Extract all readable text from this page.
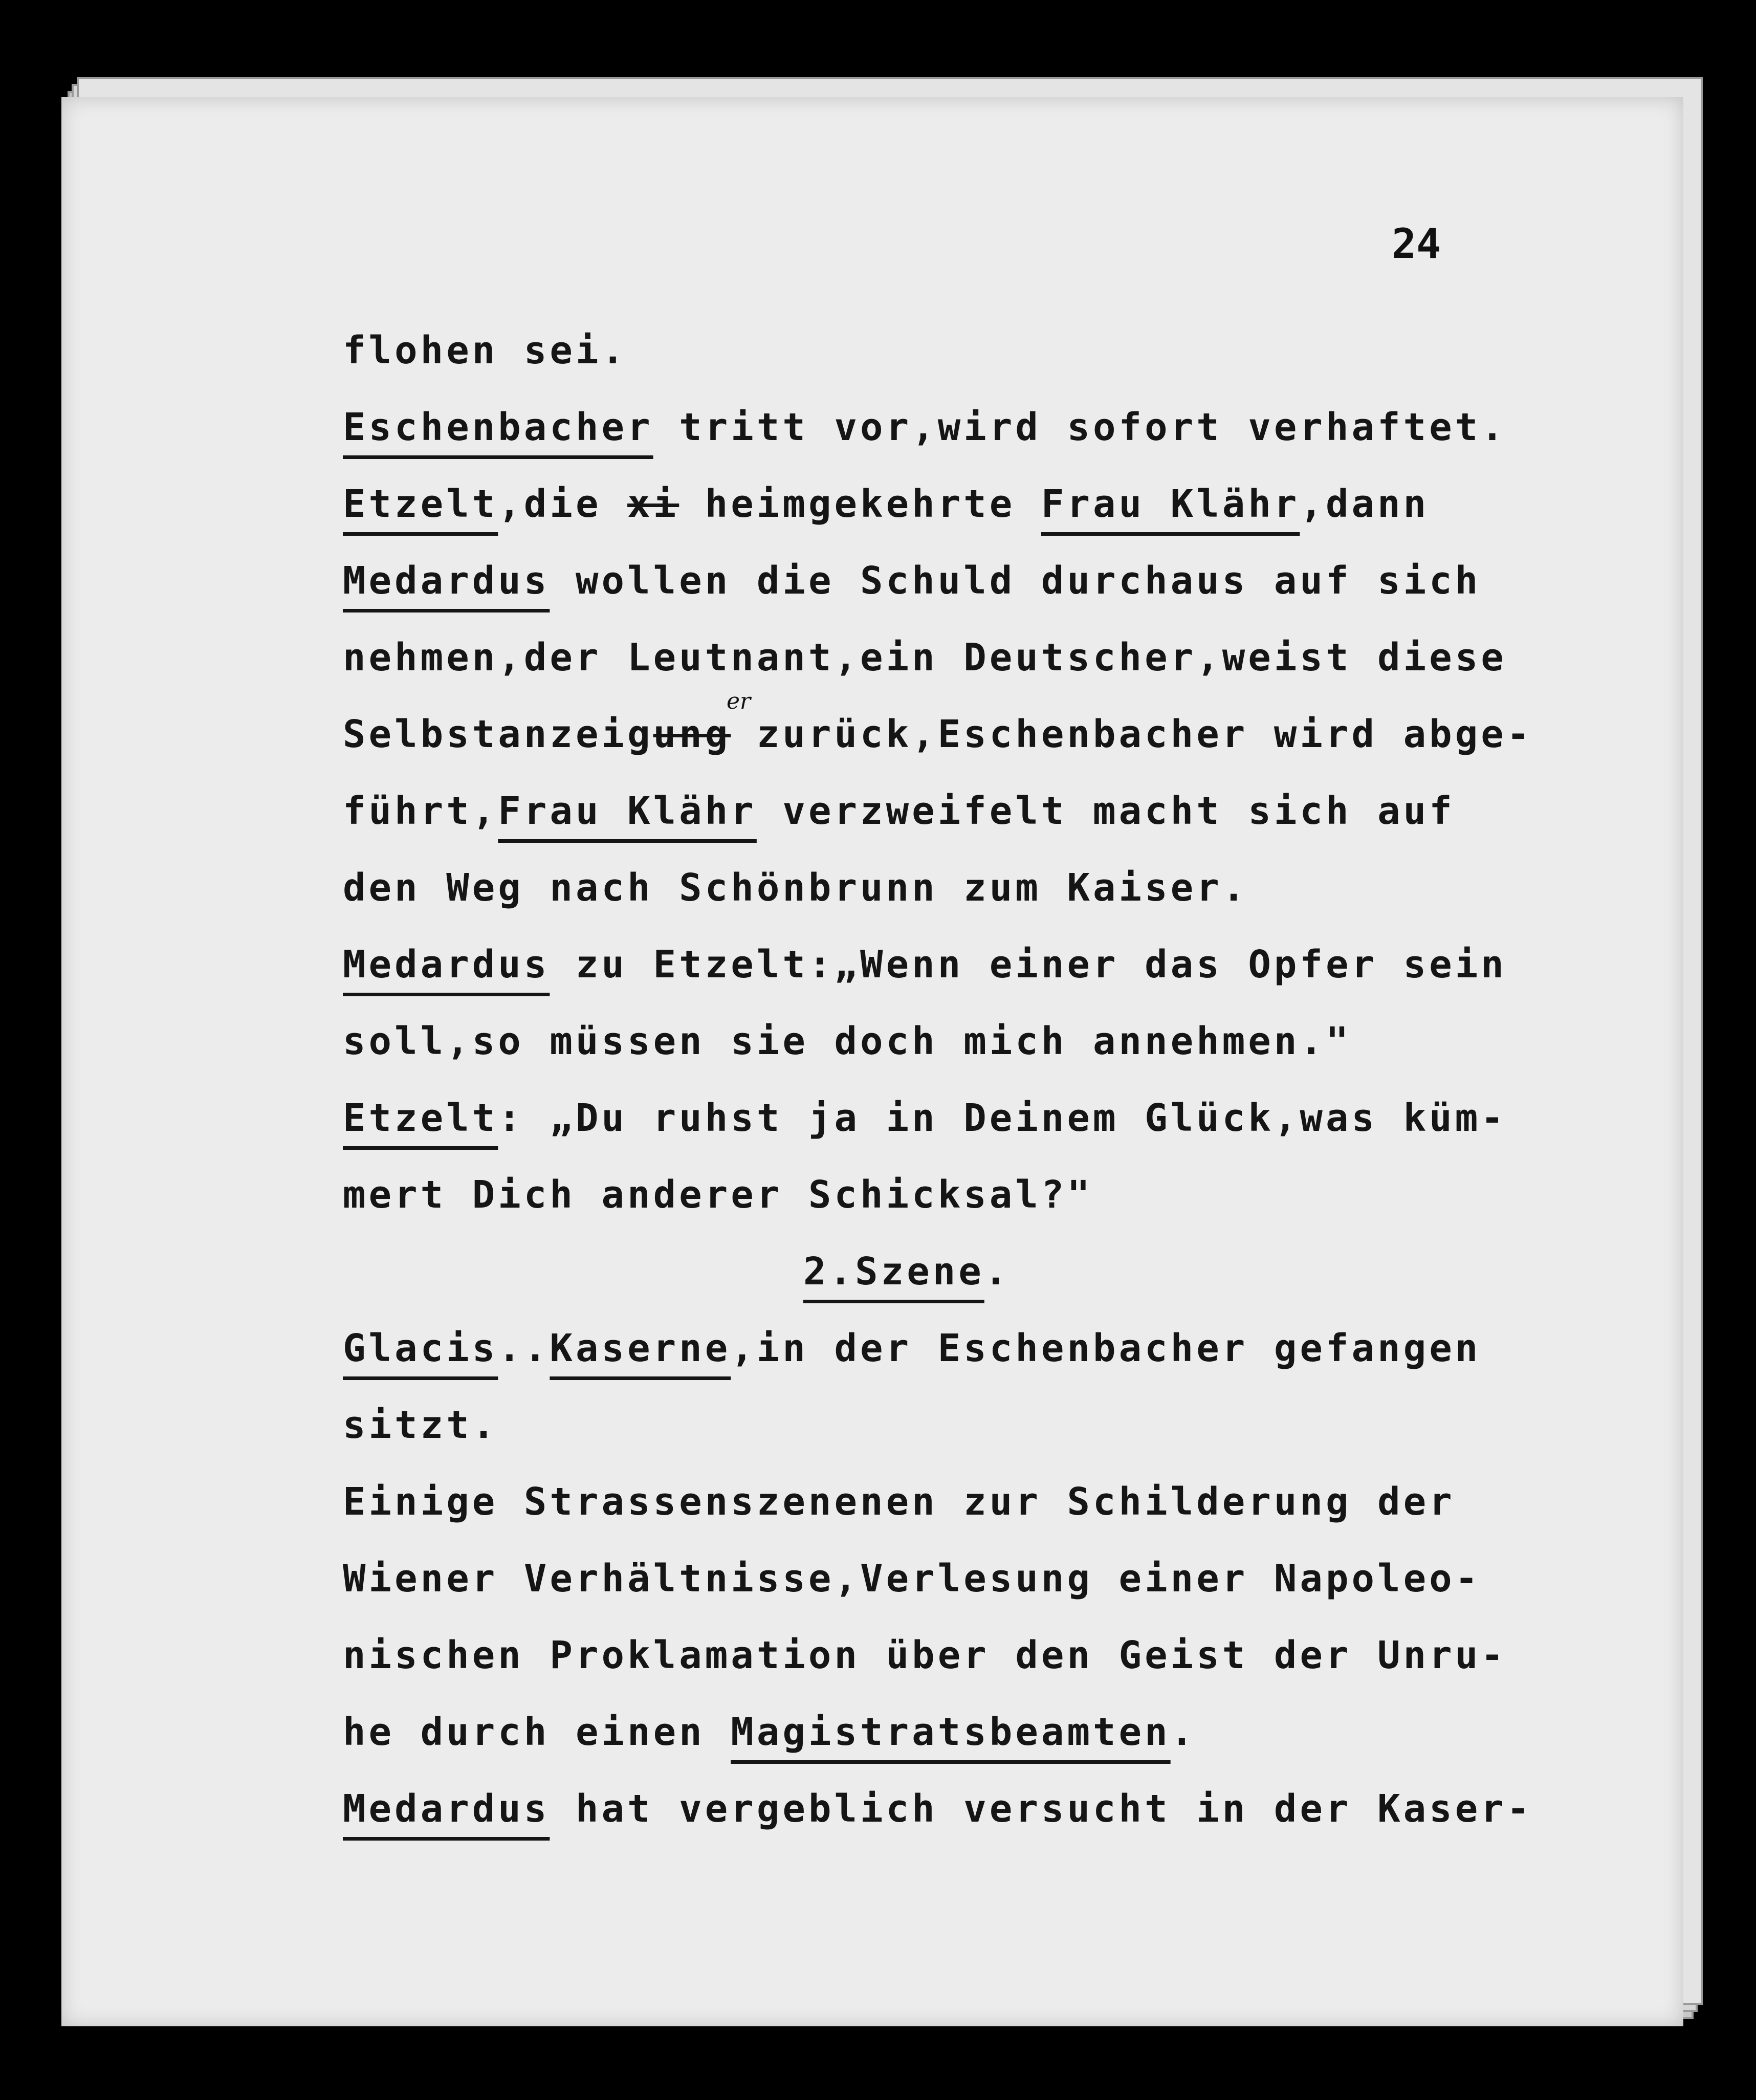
24
flohen sei.
Eschenbacher tritt vor,wird sofort verhaftet.
Etzelt,die xi heimgekehrte Frau Klähr,dann
Medardus wollen die Schuld durchaus auf sich
nehmen,der Leutnant,ein Deutscher,weist diese
Selbstanzeigung zurück,Eschenbacher wird abge-
führt,Frau Klähr verzweifelt macht sich auf
den Weg nach Schönbrunn zum Kaiser.
Medardus zu Etzelt:„Wenn einer das Opfer sein
soll,so müssen sie doch mich annehmen."
Etzelt: „Du ruhst ja in Deinem Glück,was küm-
mert Dich anderer Schicksal?"
2.Szene.
Glacis..Kaserne,in der Eschenbacher gefangen
sitzt.
Einige Strassenszenenen zur Schilderung der
Wiener Verhältnisse,Verlesung einer Napoleo-
nischen Proklamation über den Geist der Unru-
he durch einen Magistratsbeamten.
Medardus hat vergeblich versucht in der Kaser-
er
